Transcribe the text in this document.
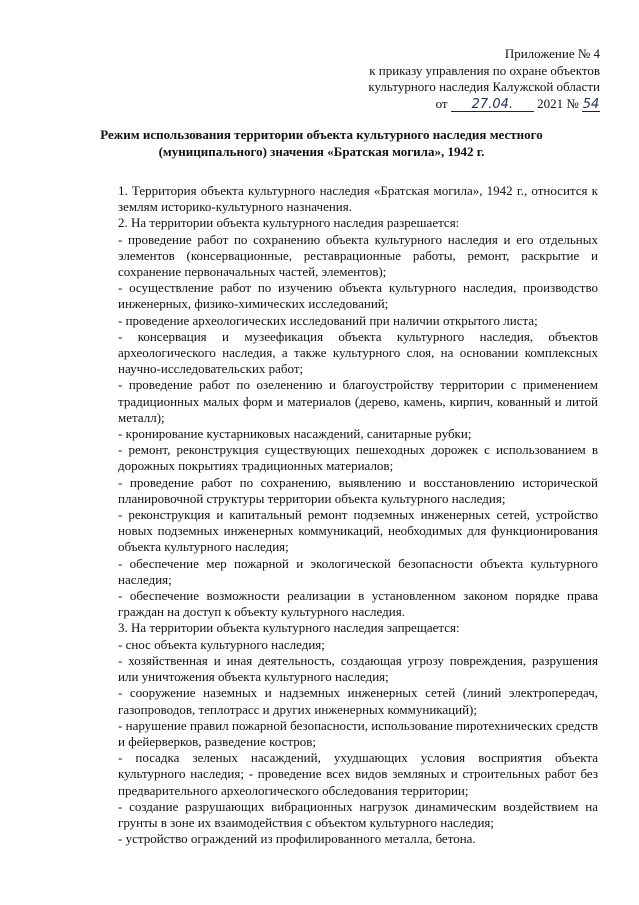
Приложение № 4
к приказу управления по охране объектов
культурного наследия Калужской области
от 27.04. 2021 № 54
Режим использования территории объекта культурного наследия местного
(муниципального) значения «Братская могила», 1942 г.

1. Территория объекта культурного наследия «Братская могила», 1942 г., относится к землям историко-культурного назначения.

2. На территории объекта культурного наследия разрешается:

- проведение работ по сохранению объекта культурного наследия и его отдельных элементов (консервационные, реставрационные работы, ремонт, раскрытие и сохранение первоначальных частей, элементов);

- осуществление работ по изучению объекта культурного наследия, производство инженерных, физико-химических исследований;

- проведение археологических исследований при наличии открытого листа;

- консервация и музеефикация объекта культурного наследия, объектов археологического наследия, а также культурного слоя, на основании комплексных научно-исследовательских работ;

- проведение работ по озеленению и благоустройству территории с применением традиционных малых форм и материалов (дерево, камень, кирпич, кованный и литой металл);

- кронирование кустарниковых насаждений, санитарные рубки;

- ремонт, реконструкция существующих пешеходных дорожек с использованием в дорожных покрытиях традиционных материалов;

- проведение работ по сохранению, выявлению и восстановлению исторической планировочной структуры территории объекта культурного наследия;

- реконструкция и капитальный ремонт подземных инженерных сетей, устройство новых подземных инженерных коммуникаций, необходимых для функционирования объекта культурного наследия;

- обеспечение мер пожарной и экологической безопасности объекта культурного наследия;

- обеспечение возможности реализации в установленном законом порядке права граждан на доступ к объекту культурного наследия.

3. На территории объекта культурного наследия запрещается:

- снос объекта культурного наследия;

- хозяйственная и иная деятельность, создающая угрозу повреждения, разрушения или уничтожения объекта культурного наследия;

- сооружение наземных и надземных инженерных сетей (линий электропередач, газопроводов, теплотрасс и других инженерных коммуникаций);

- нарушение правил пожарной безопасности, использование пиротехнических средств и фейерверков, разведение костров;

- посадка зеленых насаждений, ухудшающих условия восприятия объекта культурного наследия; - проведение всех видов земляных и строительных работ без предварительного археологического обследования территории;

- создание разрушающих вибрационных нагрузок динамическим воздействием на грунты в зоне их взаимодействия с объектом культурного наследия;

- устройство ограждений из профилированного металла, бетона.
